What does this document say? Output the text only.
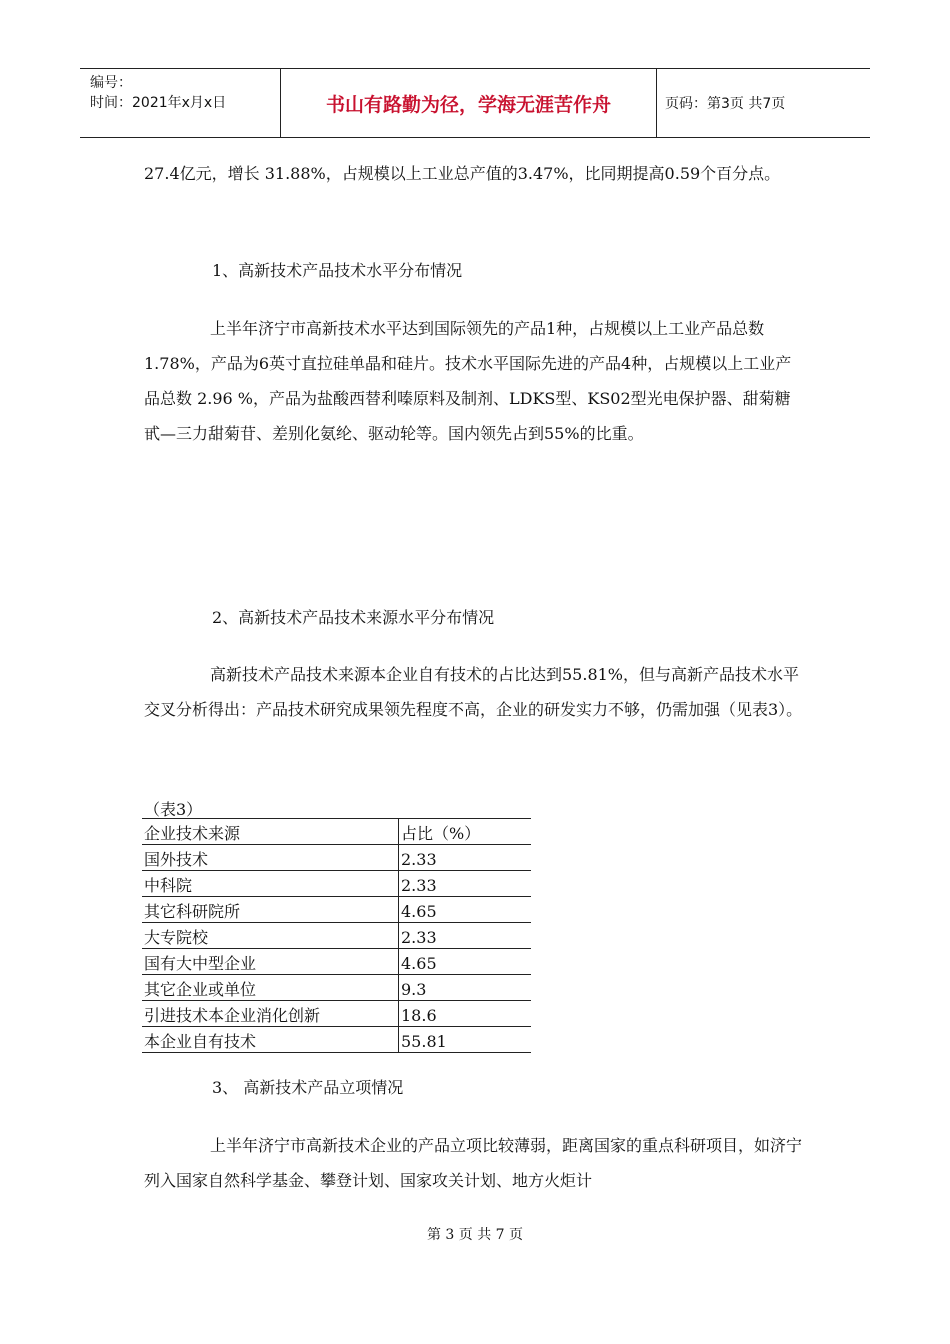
编号：
时间：2021年x月x日	书山有路勤为径，学海无涯苦作舟	页码：第3页 共7页

27.4亿元，增长 31.88%，占规模以上工业总产值的3.47%，比同期提高0.59个百分点。

1、高新技术产品技术水平分布情况

上半年济宁市高新技术水平达到国际领先的产品1种，占规模以上工业产品总数 1.78%，产品为6英寸直拉硅单晶和硅片。技术水平国际先进的产品4种，占规模以上工业产品总数 2.96 %，产品为盐酸西替利嗪原料及制剂、LDKS型、KS02型光电保护器、甜菊糖甙—三力甜菊苷、差别化氨纶、驱动轮等。国内领先占到55%的比重。

2、高新技术产品技术来源水平分布情况

高新技术产品技术来源本企业自有技术的占比达到55.81%，但与高新产品技术水平交叉分析得出：产品技术研究成果领先程度不高，企业的研发实力不够，仍需加强（见表3）。

（表3）
企业技术来源	占比（%）
国外技术	2.33
中科院	2.33
其它科研院所	4.65
大专院校	2.33
国有大中型企业	4.65
其它企业或单位	9.3
引进技术本企业消化创新	18.6
本企业自有技术	55.81

3、 高新技术产品立项情况

上半年济宁市高新技术企业的产品立项比较薄弱，距离国家的重点科研项目，如济宁列入国家自然科学基金、攀登计划、国家攻关计划、地方火炬计

第 3 页 共 7 页
